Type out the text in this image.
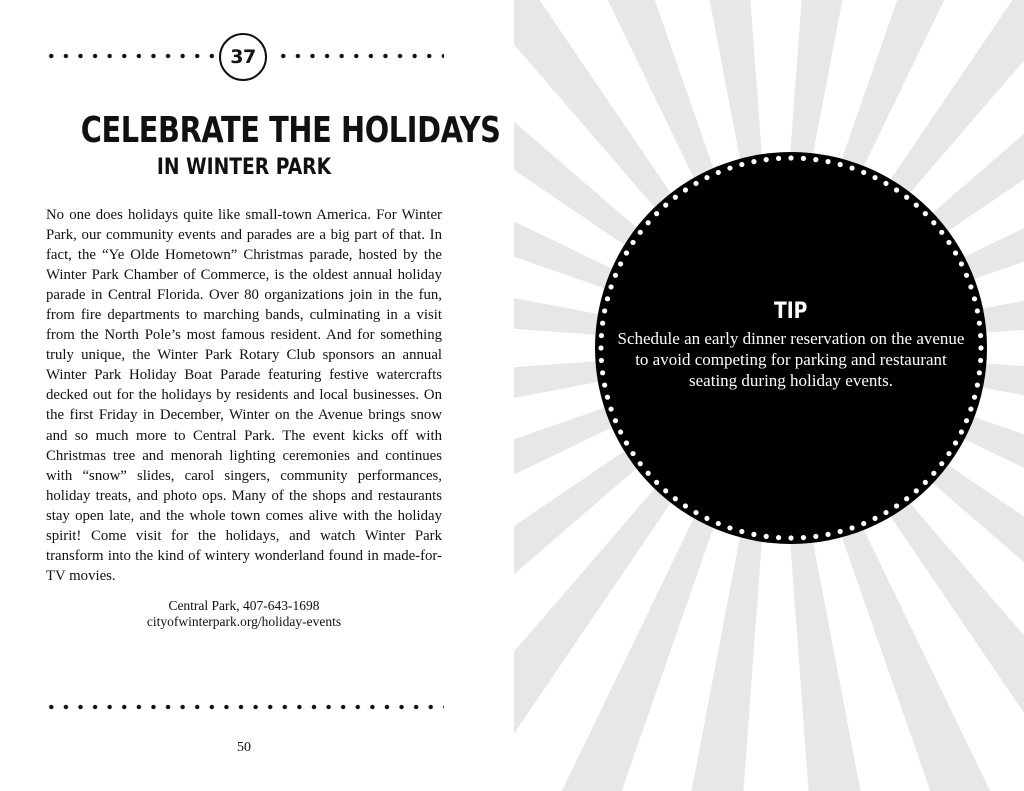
37
CELEBRATE THE HOLIDAYS
IN WINTER PARK

No one does holidays quite like small-town America. For Winter Park, our community events and parades are a big part of that. In fact, the “Ye Olde Hometown” Christmas parade, hosted by the Winter Park Chamber of Commerce, is the oldest annual holiday parade in Central Florida. Over 80 organizations join in the fun, from fire departments to marching bands, culminating in a visit from the North Pole’s most famous resident. And for something truly unique, the Winter Park Rotary Club sponsors an annual Winter Park Holiday Boat Parade featuring festive watercrafts decked out for the holidays by residents and local businesses. On the first Friday in December, Winter on the Avenue brings snow and so much more to Central Park. The event kicks off with Christmas tree and menorah lighting ceremonies and continues with “snow” slides, carol singers, community performances, holiday treats, and photo ops. Many of the shops and restaurants stay open late, and the whole town comes alive with the holiday spirit! Come visit for the holidays, and watch Winter Park transform into the kind of wintery wonderland found in made-for-TV movies.

Central Park, 407-643-1698
cityofwinterpark.org/holiday-events
50
TIP
Schedule an early dinner reservation on the avenue to avoid competing for parking and restaurant seating during holiday events.
